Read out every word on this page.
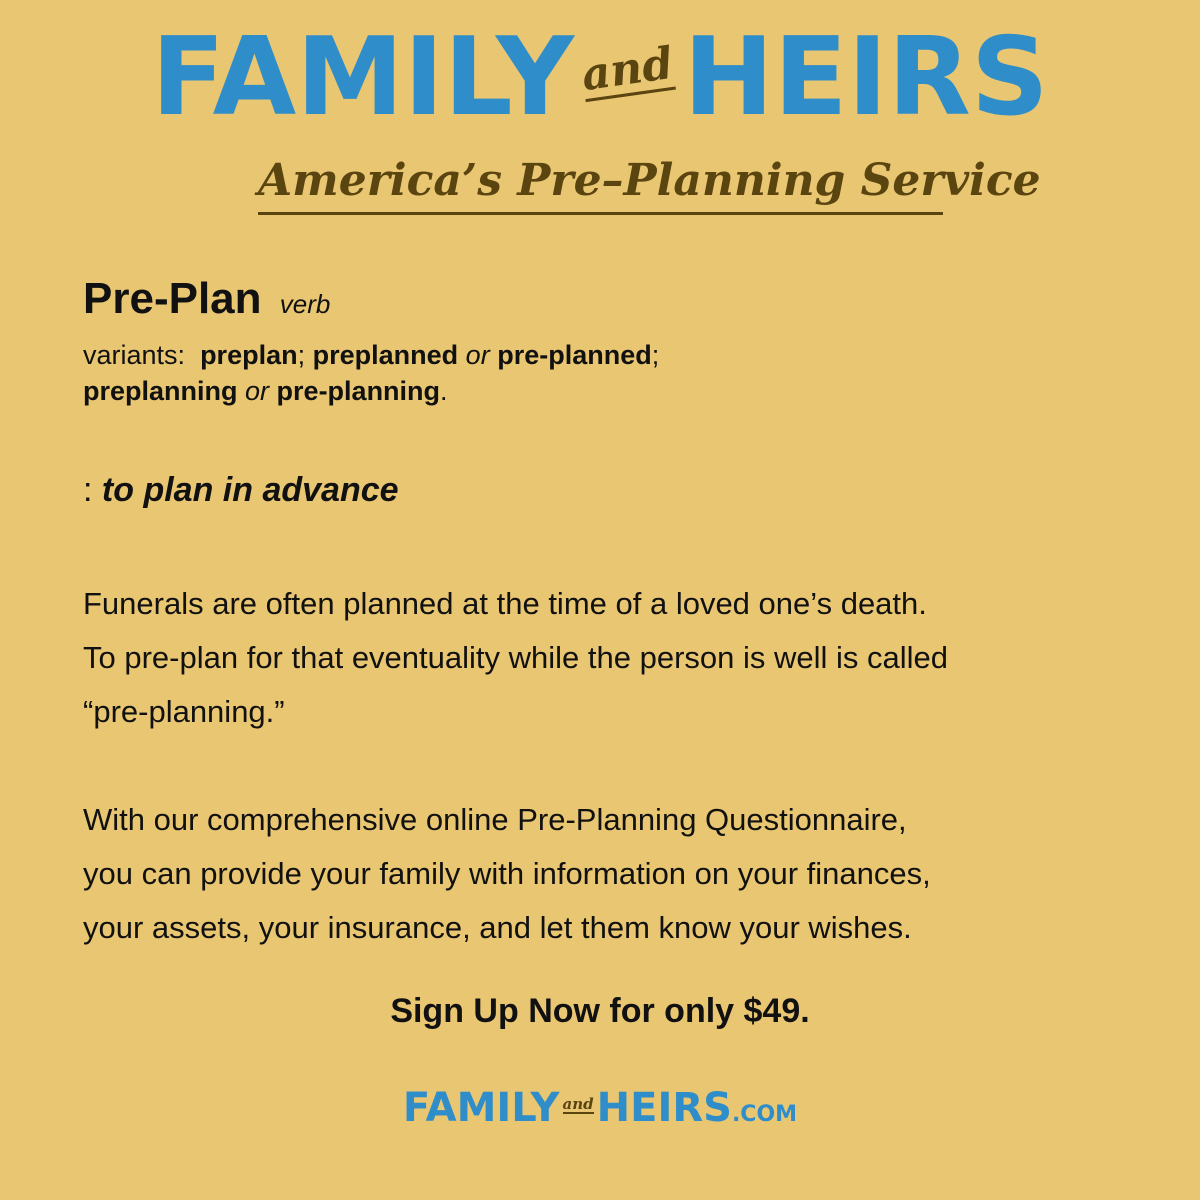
FAMILY andHEIRS
America’s Pre–Planning Service
Pre-Plan verb
variants: preplan; preplanned or pre-planned;
preplanning or pre-planning.
: to plan in advance
Funerals are often planned at the time of a loved one’s death.
To pre-plan for that eventuality while the person is well is called
“pre-planning.”
With our comprehensive online Pre-Planning Questionnaire,
you can provide your family with information on your finances,
your assets, your insurance, and let them know your wishes.
Sign Up Now for only $49.
FAMILY andHEIRS.COM
